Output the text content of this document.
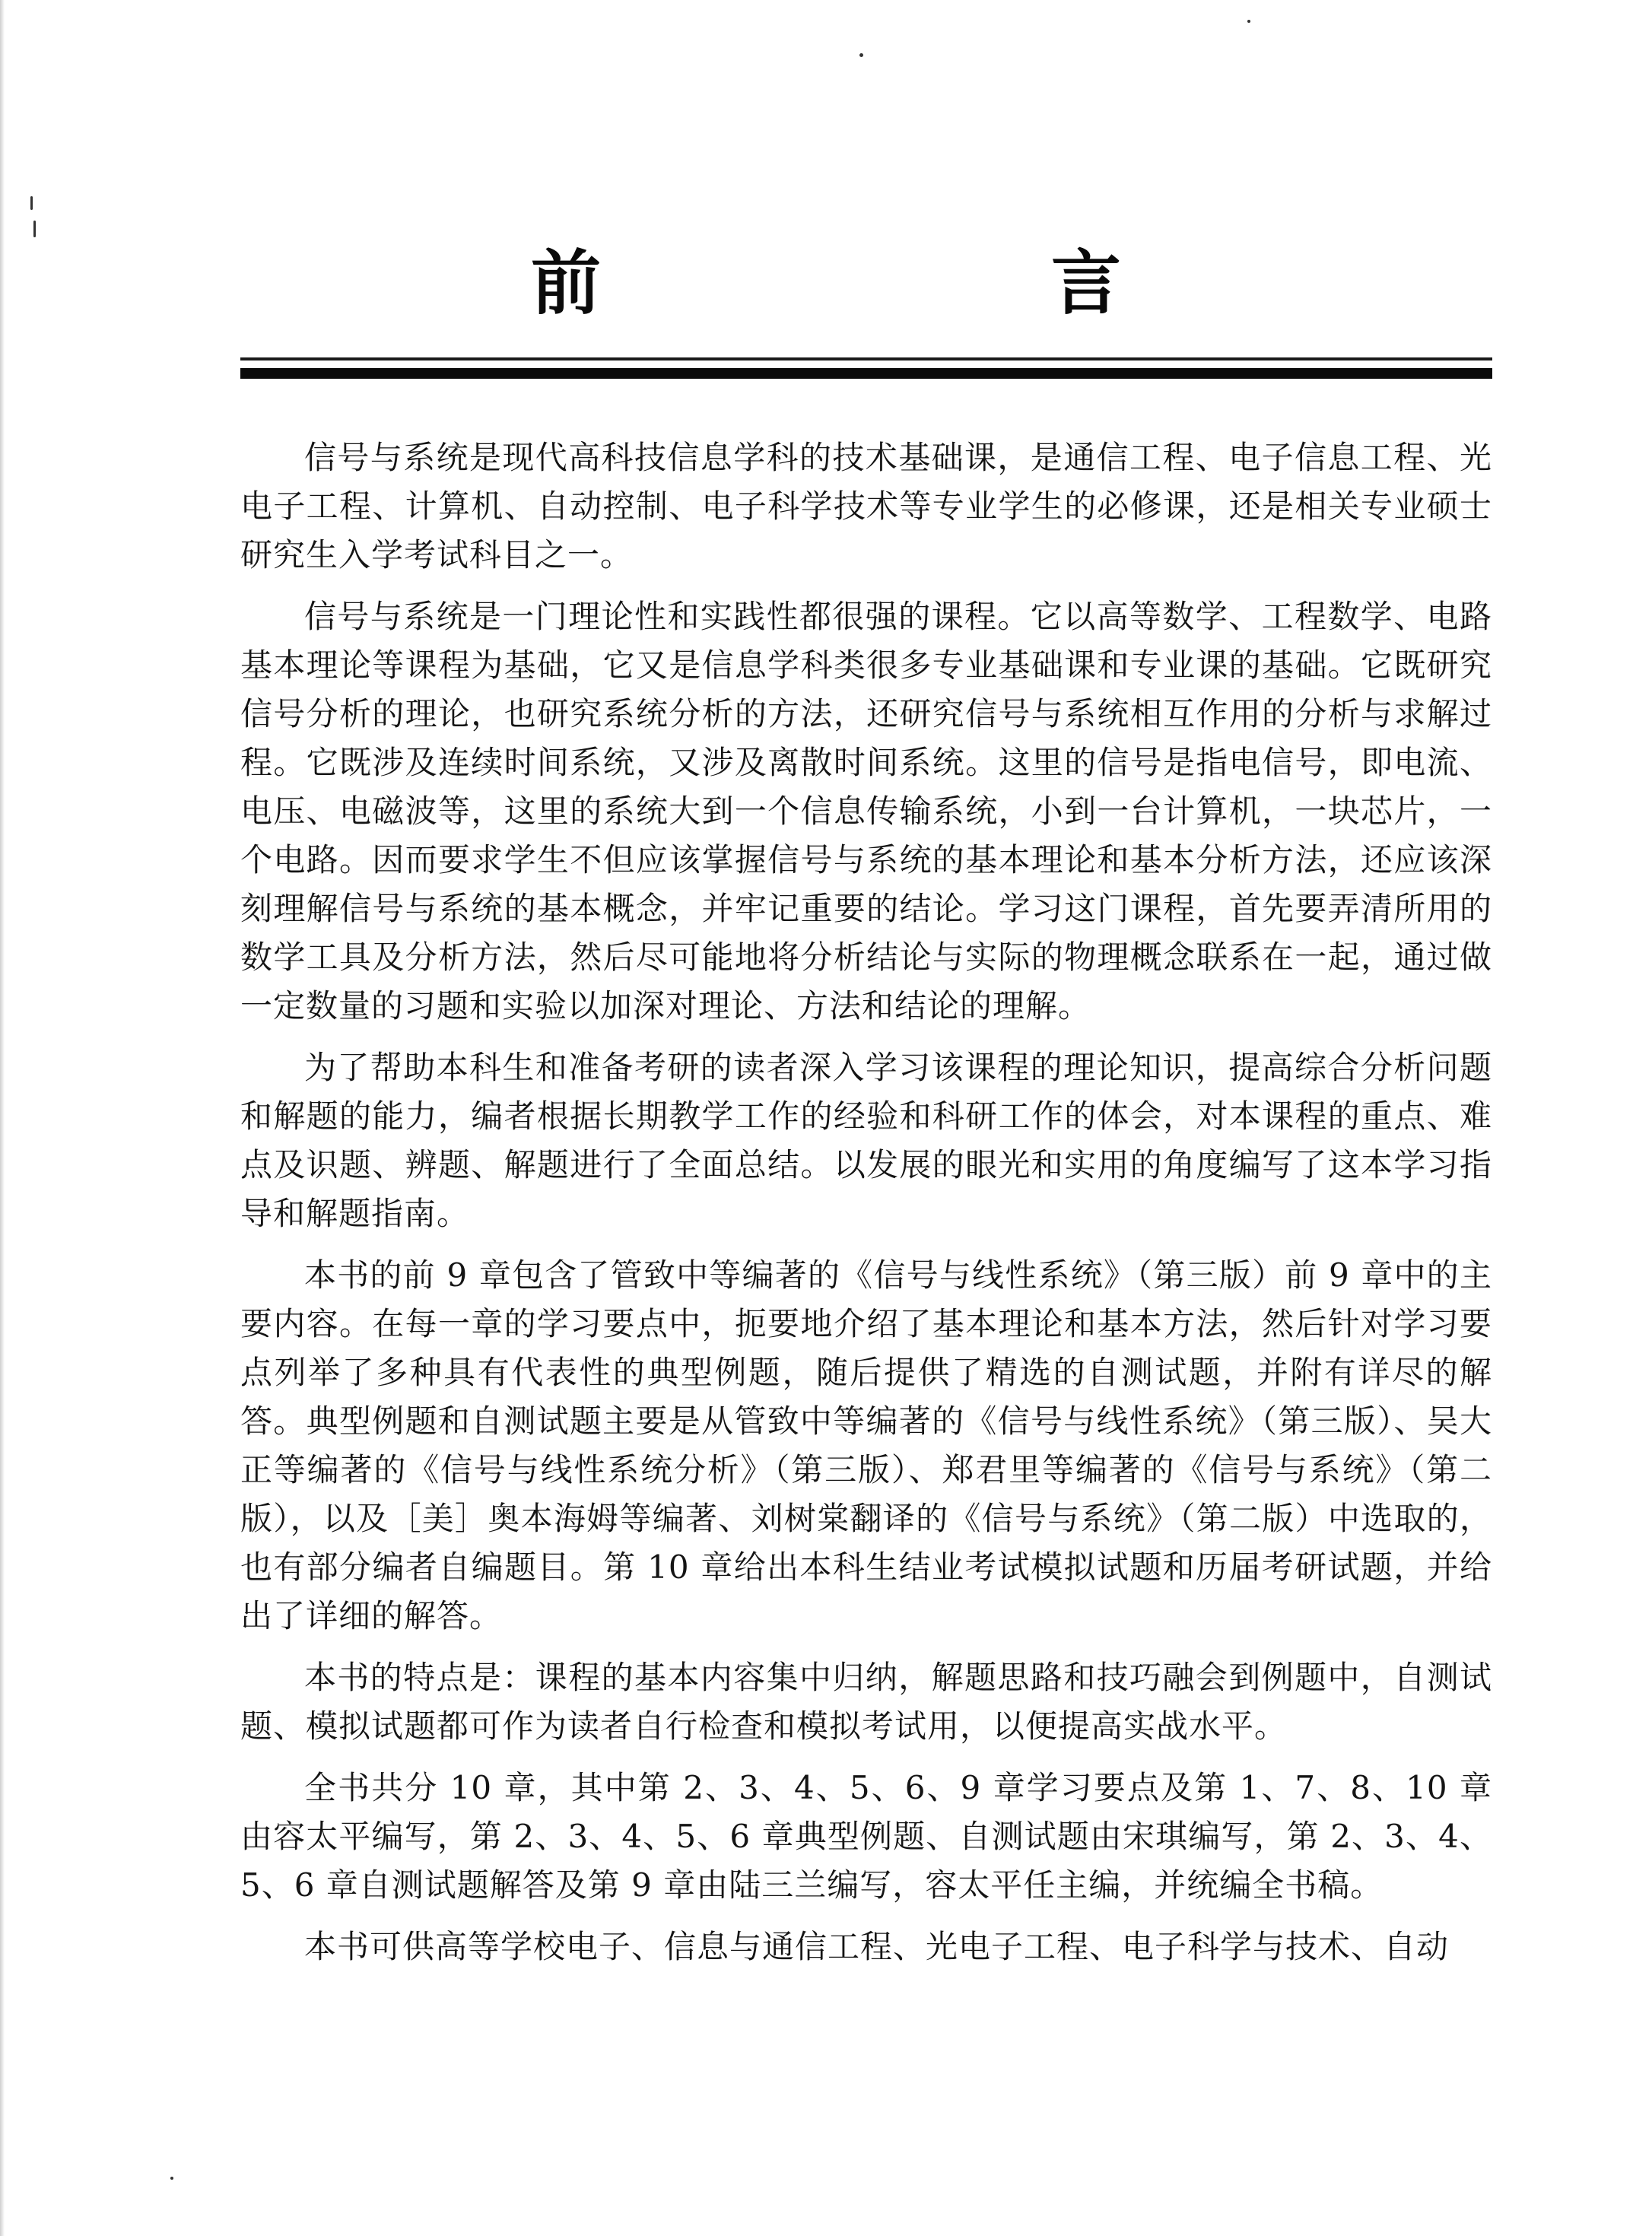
前　言

信号与系统是现代高科技信息学科的技术基础课，是通信工程、电子信息工程、光电子工程、计算机、自动控制、电子科学技术等专业学生的必修课，还是相关专业硕士研究生入学考试科目之一。

信号与系统是一门理论性和实践性都很强的课程。它以高等数学、工程数学、电路基本理论等课程为基础，它又是信息学科类很多专业基础课和专业课的基础。它既研究信号分析的理论，也研究系统分析的方法，还研究信号与系统相互作用的分析与求解过程。它既涉及连续时间系统，又涉及离散时间系统。这里的信号是指电信号，即电流、电压、电磁波等，这里的系统大到一个信息传输系统，小到一台计算机，一块芯片，一个电路。因而要求学生不但应该掌握信号与系统的基本理论和基本分析方法，还应该深刻理解信号与系统的基本概念，并牢记重要的结论。学习这门课程，首先要弄清所用的数学工具及分析方法，然后尽可能地将分析结论与实际的物理概念联系在一起，通过做一定数量的习题和实验以加深对理论、方法和结论的理解。

为了帮助本科生和准备考研的读者深入学习该课程的理论知识，提高综合分析问题和解题的能力，编者根据长期教学工作的经验和科研工作的体会，对本课程的重点、难点及识题、辨题、解题进行了全面总结。以发展的眼光和实用的角度编写了这本学习指导和解题指南。

本书的前 9 章包含了管致中等编著的《信号与线性系统》（第三版）前 9 章中的主要内容。在每一章的学习要点中，扼要地介绍了基本理论和基本方法，然后针对学习要点列举了多种具有代表性的典型例题，随后提供了精选的自测试题，并附有详尽的解答。典型例题和自测试题主要是从管致中等编著的《信号与线性系统》（第三版）、吴大正等编著的《信号与线性系统分析》（第三版）、郑君里等编著的《信号与系统》（第二版），以及［美］奥本海姆等编著、刘树棠翻译的《信号与系统》（第二版）中选取的，也有部分编者自编题目。第 10 章给出本科生结业考试模拟试题和历届考研试题，并给出了详细的解答。

本书的特点是：课程的基本内容集中归纳，解题思路和技巧融会到例题中，自测试题、模拟试题都可作为读者自行检查和模拟考试用，以便提高实战水平。

全书共分 10 章，其中第 2、3、4、5、6、9 章学习要点及第 1、7、8、10 章由容太平编写，第 2、3、4、5、6 章典型例题、自测试题由宋琪编写，第 2、3、4、5、6 章自测试题解答及第 9 章由陆三兰编写，容太平任主编，并统编全书稿。

本书可供高等学校电子、信息与通信工程、光电子工程、电子科学与技术、自动
